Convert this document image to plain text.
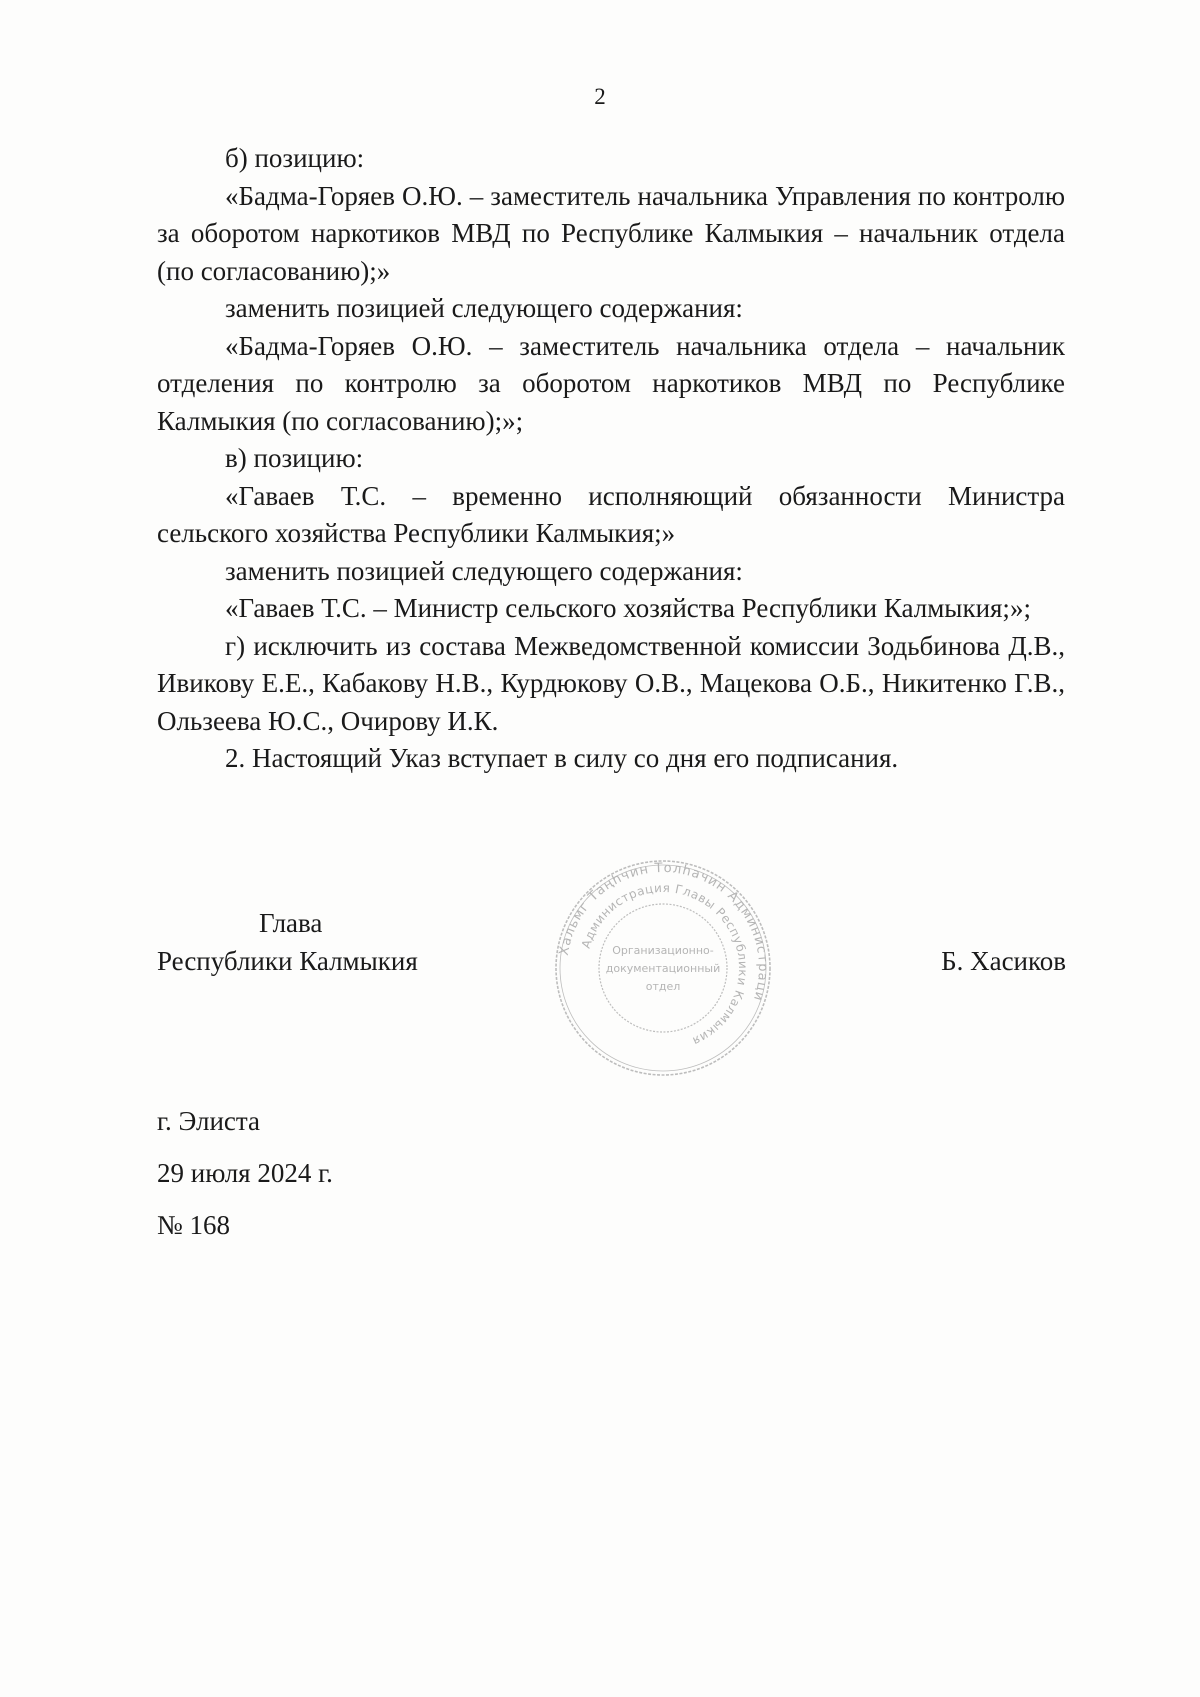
2

б) позицию:

«Бадма-Горяев О.Ю. – заместитель начальника Управления по контролю за оборотом наркотиков МВД по Республике Калмыкия – начальник отдела (по согласованию);»

заменить позицией следующего содержания:

«Бадма-Горяев О.Ю. – заместитель начальника отдела – начальник отделения по контролю за оборотом наркотиков МВД по Республике Калмыкия (по согласованию);»;

в) позицию:

«Гаваев Т.С. – временно исполняющий обязанности Министра сельского хозяйства Республики Калмыкия;»

заменить позицией следующего содержания:

«Гаваев Т.С. – Министр сельского хозяйства Республики Калмыкия;»;

г) исключить из состава Межведомственной комиссии Зодьбинова Д.В., Ивикову Е.Е., Кабакову Н.В., Курдюкову О.В., Мацекова О.Б., Никитенко Г.В., Ользеева Ю.С., Очирову И.К.

2. Настоящий Указ вступает в силу со дня его подписания.

Глава
Республики Калмыкия	Б. Хасиков
Хальмг Таңһчин Толһачин Администраци
Администрация Главы Республики Калмыкия
Организационно-
документационный
отдел
г. Элиста
29 июля 2024 г.
№ 168
